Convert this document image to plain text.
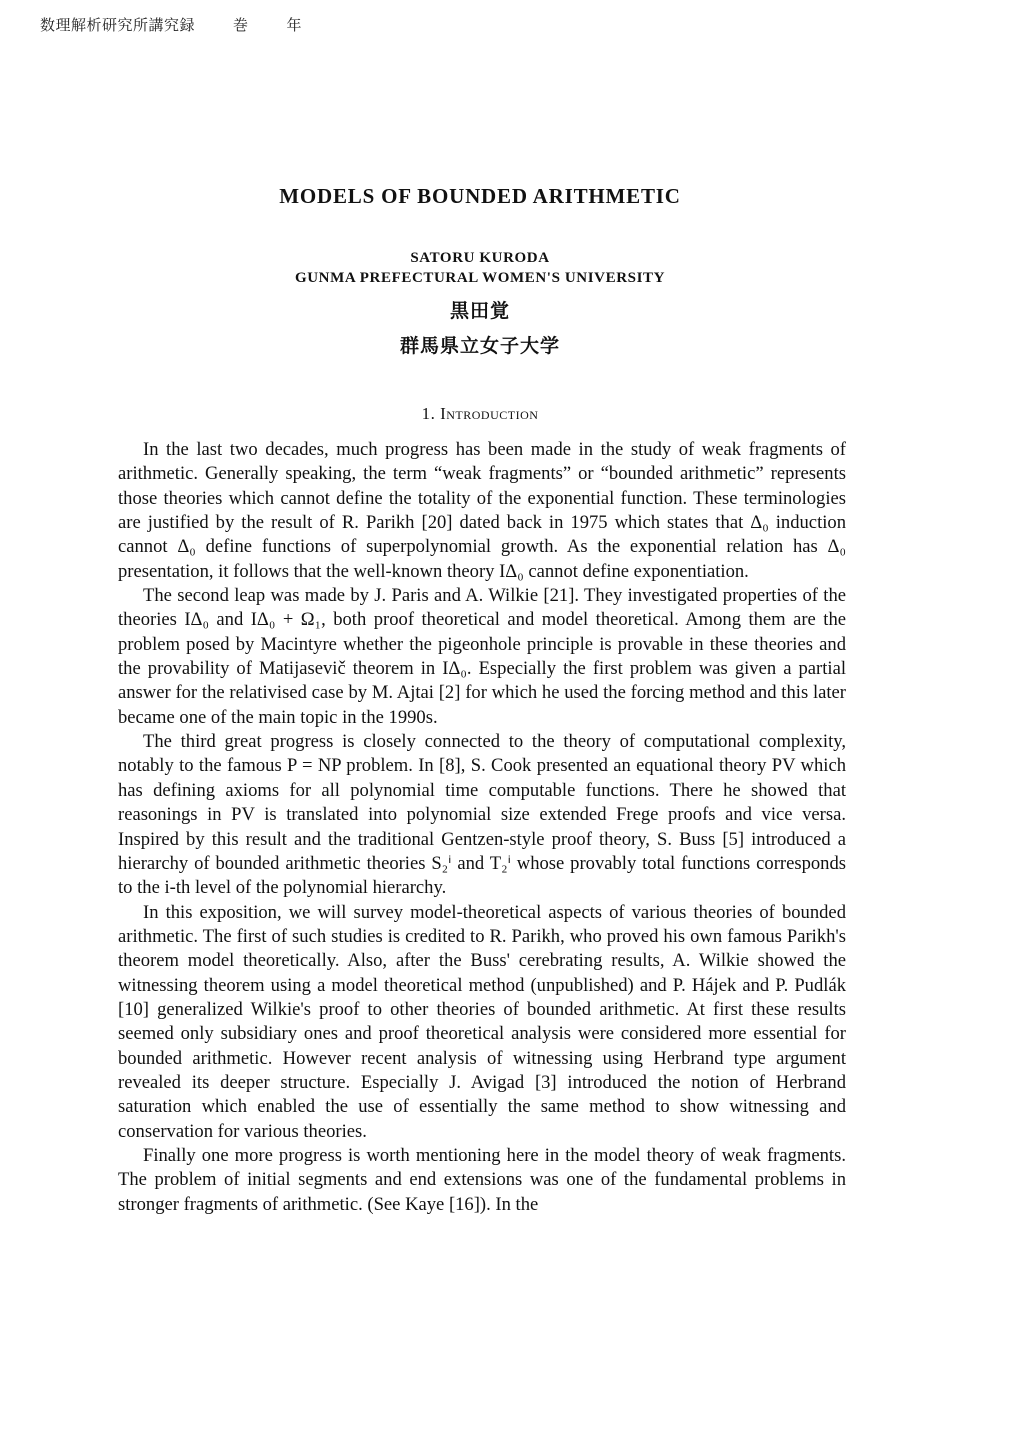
数理解析研究所講究録	巻	年
MODELS OF BOUNDED ARITHMETIC
SATORU KURODA
GUNMA PREFECTURAL WOMEN'S UNIVERSITY
黒田覚
群馬県立女子大学
1. Introduction

In the last two decades, much progress has been made in the study of weak fragments of arithmetic. Generally speaking, the term “weak fragments” or “bounded arithmetic” represents those theories which cannot define the totality of the exponential function. These terminologies are justified by the result of R. Parikh [20] dated back in 1975 which states that Δ₀ induction cannot Δ₀ define functions of superpolynomial growth. As the exponential relation has Δ₀ presentation, it follows that the well-known theory IΔ₀ cannot define exponentiation.

The second leap was made by J. Paris and A. Wilkie [21]. They investigated properties of the theories IΔ₀ and IΔ₀ + Ω₁, both proof theoretical and model theoretical. Among them are the problem posed by Macintyre whether the pigeonhole principle is provable in these theories and the provability of Matijasevič theorem in IΔ₀. Especially the first problem was given a partial answer for the relativised case by M. Ajtai [2] for which he used the forcing method and this later became one of the main topic in the 1990s.

The third great progress is closely connected to the theory of computational complexity, notably to the famous P = NP problem. In [8], S. Cook presented an equational theory PV which has defining axioms for all polynomial time computable functions. There he showed that reasonings in PV is translated into polynomial size extended Frege proofs and vice versa. Inspired by this result and the traditional Gentzen-style proof theory, S. Buss [5] introduced a hierarchy of bounded arithmetic theories S₂ⁱ and T₂ⁱ whose provably total functions corresponds to the i-th level of the polynomial hierarchy.

In this exposition, we will survey model-theoretical aspects of various theories of bounded arithmetic. The first of such studies is credited to R. Parikh, who proved his own famous Parikh's theorem model theoretically. Also, after the Buss' cerebrating results, A. Wilkie showed the witnessing theorem using a model theoretical method (unpublished) and P. Hájek and P. Pudlák [10] generalized Wilkie's proof to other theories of bounded arithmetic. At first these results seemed only subsidiary ones and proof theoretical analysis were considered more essential for bounded arithmetic. However recent analysis of witnessing using Herbrand type argument revealed its deeper structure. Especially J. Avigad [3] introduced the notion of Herbrand saturation which enabled the use of essentially the same method to show witnessing and conservation for various theories.

Finally one more progress is worth mentioning here in the model theory of weak fragments. The problem of initial segments and end extensions was one of the fundamental problems in stronger fragments of arithmetic. (See Kaye [16]). In the
